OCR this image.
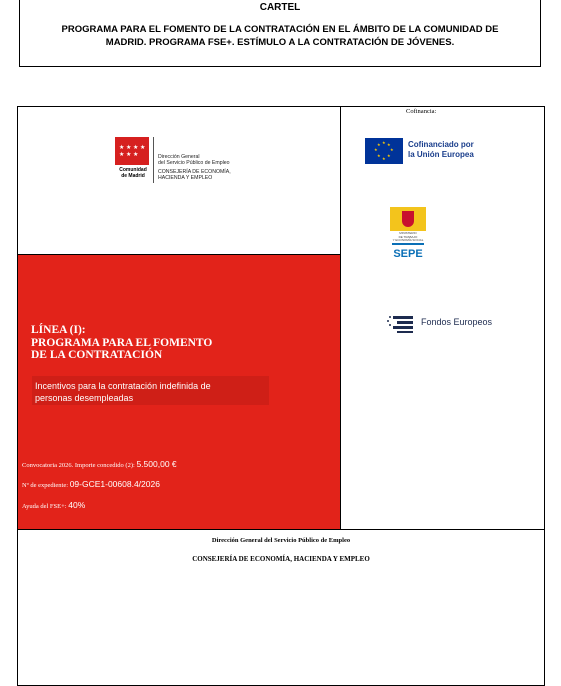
CARTEL
PROGRAMA PARA EL FOMENTO DE LA CONTRATACIÓN EN EL ÁMBITO DE LA COMUNIDAD DE MADRID. PROGRAMA FSE+. ESTÍMULO A LA CONTRATACIÓN DE JÓVENES.
★ ★ ★ ★
★ ★ ★
Comunidad
de Madrid
Dirección General
del Servicio Público de Empleo
CONSEJERÍA DE ECONOMÍA,
HACIENDA Y EMPLEO
LÍNEA (I):
PROGRAMA PARA EL FOMENTO
DE LA CONTRATACIÓN
Incentivos para la contratación indefinida de
personas desempleadas
Convocatoria 2026. Importe concedido (2): 5.500,00 €
Nº de expediente: 09-GCE1-00608.4/2026
Ayuda del FSE+: 40%
Dirección General del Servicio Público de Empleo
CONSEJERÍA DE ECONOMÍA, HACIENDA Y EMPLEO
Cofinancia:
★ ★
★
★
★
★
★
★	Cofinanciado por
la Unión Europea
MINISTERIO
DE TRABAJO
Y ECONOMÍA SOCIAL
SEPE
Fondos Europeos
